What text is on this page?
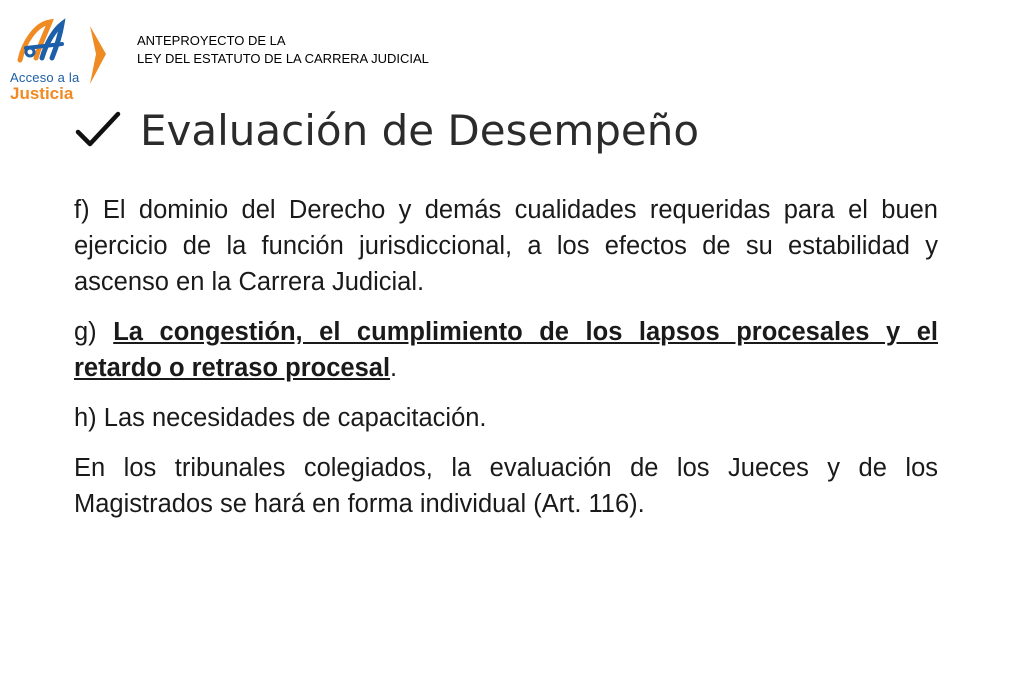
Acceso a la
Justicia
ANTEPROYECTO DE LA
LEY DEL ESTATUTO DE LA CARRERA JUDICIAL
Evaluación de Desempeño

f) El dominio del Derecho y demás cualidades requeridas para el buen ejercicio de la función jurisdiccional, a los efectos de su estabilidad y ascenso en la Carrera Judicial.

g) La congestión, el cumplimiento de los lapsos procesales y el retardo o retraso procesal.

h) Las necesidades de capacitación.

En los tribunales colegiados, la evaluación de los Jueces y de los Magistrados se hará en forma individual (Art. 116).
